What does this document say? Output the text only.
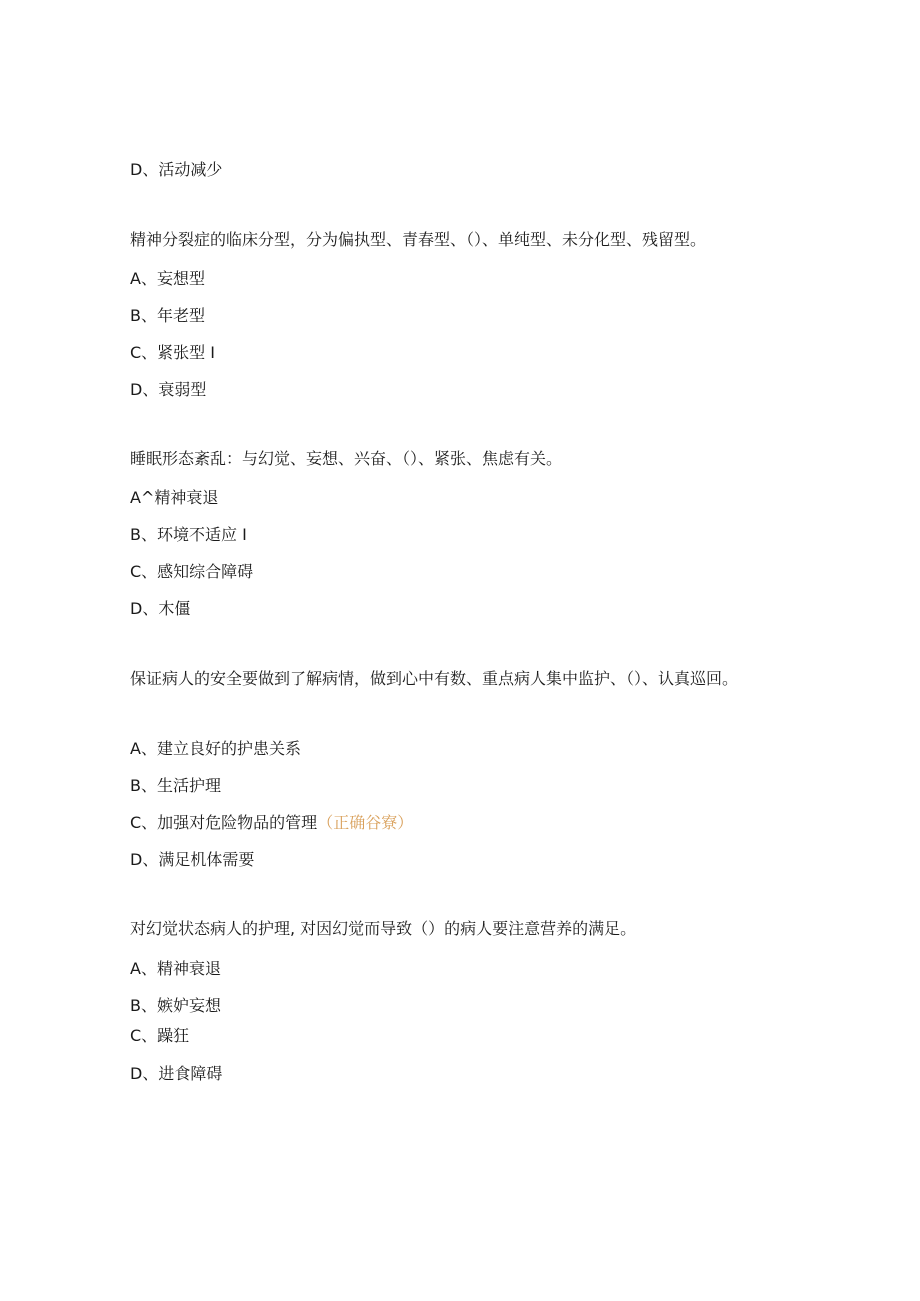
D、活动减少
精神分裂症的临床分型，分为偏执型、青春型、（）、单纯型、未分化型、残留型。
A、妄想型
B、年老型
C、紧张型 I
D、衰弱型
睡眠形态紊乱：与幻觉、妄想、兴奋、（）、紧张、焦虑有关。
A^精神衰退
B、环境不适应 I
C、感知综合障碍
D、木僵
保证病人的安全要做到了解病情，做到心中有数、重点病人集中监护、（）、认真巡回。
A、建立良好的护患关系
B、生活护理
C、加强对危险物品的管理（正确谷寮）
D、满足机体需要
对幻觉状态病人的护理, 对因幻觉而导致（）的病人要注意营养的满足。
A、精神衰退
B、嫉妒妄想
C、躁狂
D、进食障碍
